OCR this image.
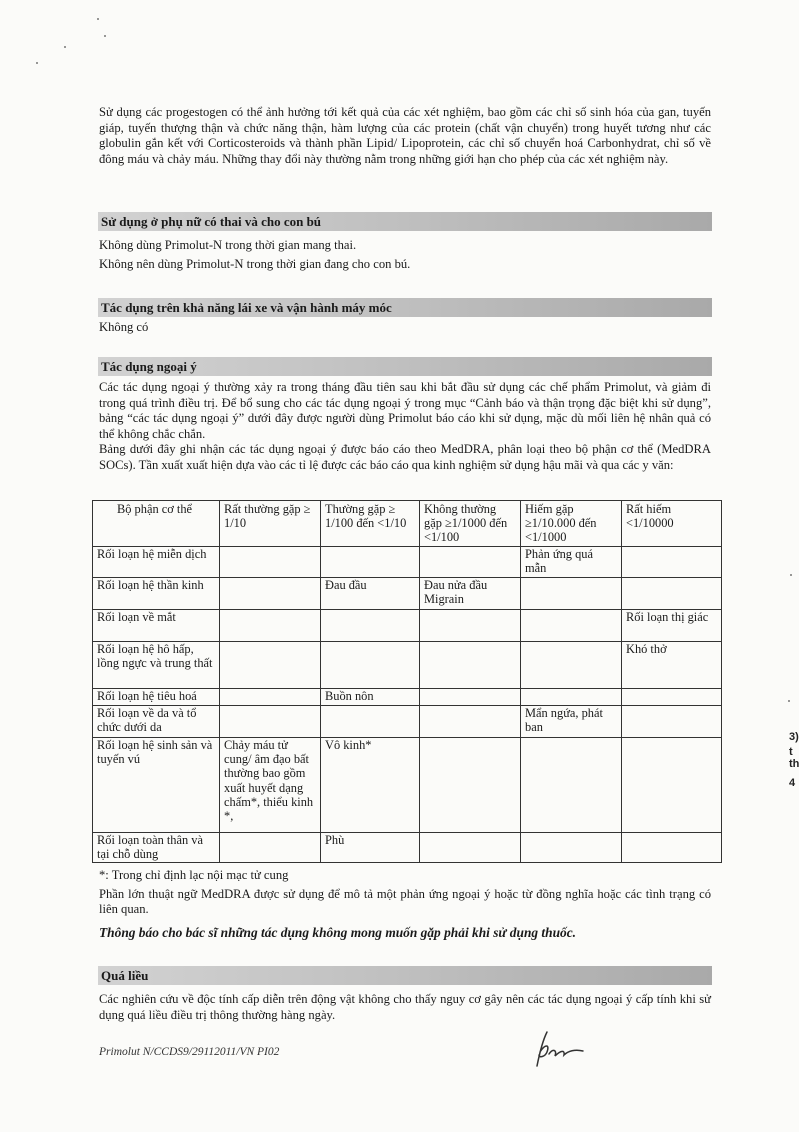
Sử dụng các progestogen có thể ảnh hưởng tới kết quả của các xét nghiệm, bao gồm các chỉ số sinh hóa của gan, tuyến giáp, tuyến thượng thận và chức năng thận, hàm lượng của các protein (chất vận chuyển) trong huyết tương như các globulin gắn kết với Corticosteroids và thành phần Lipid/ Lipoprotein, các chỉ số chuyển hoá Carbonhydrat, chỉ số về đông máu và chảy máu. Những thay đổi này thường nằm trong những giới hạn cho phép của các xét nghiệm này.

Sử dụng ở phụ nữ có thai và cho con bú

Không dùng Primolut-N trong thời gian mang thai.

Không nên dùng Primolut-N trong thời gian đang cho con bú.

Tác dụng trên khả năng lái xe và vận hành máy móc

Không có

Tác dụng ngoại ý

Các tác dụng ngoại ý thường xảy ra trong tháng đầu tiên sau khi bắt đầu sử dụng các chế phẩm Primolut, và giảm đi trong quá trình điều trị. Để bổ sung cho các tác dụng ngoại ý trong mục “Cảnh báo và thận trọng đặc biệt khi sử dụng”, bảng “các tác dụng ngoại ý” dưới đây được người dùng Primolut báo cáo khi sử dụng, mặc dù mối liên hệ nhân quả có thể không chắc chắn.

Bảng dưới đây ghi nhận các tác dụng ngoại ý được báo cáo theo MedDRA, phân loại theo bộ phận cơ thể (MedDRA SOCs). Tần xuất xuất hiện dựa vào các tỉ lệ được các báo cáo qua kinh nghiệm sử dụng hậu mãi và qua các y văn:

Bộ phận cơ thể	Rất thường gặp ≥ 1/10	Thường gặp ≥ 1/100 đến <1/10	Không thường gặp ≥1/1000 đến <1/100	Hiếm gặp ≥1/10.000 đến <1/1000	Rất hiếm <1/10000
Rối loạn hệ miễn dịch				Phản ứng quá mẫn	
Rối loạn hệ thần kinh		Đau đầu	Đau nửa đầu Migrain		
Rối loạn về mắt					Rối loạn thị giác
Rối loạn hệ hô hấp, lồng ngực và trung thất					Khó thở
Rối loạn hệ tiêu hoá		Buồn nôn			
Rối loạn về da và tổ chức dưới da				Mẩn ngứa, phát ban	
Rối loạn hệ sinh sản và tuyến vú	Chảy máu tử cung/ âm đạo bất thường bao gồm xuất huyết dạng chấm*, thiểu kinh *,	Vô kinh*			
Rối loạn toàn thân và tại chỗ dùng		Phù			

*: Trong chỉ định lạc nội mạc tử cung

Phần lớn thuật ngữ MedDRA được sử dụng để mô tả một phản ứng ngoại ý hoặc từ đồng nghĩa hoặc các tình trạng có liên quan.

Thông báo cho bác sĩ những tác dụng không mong muốn gặp phải khi sử dụng thuốc.
Quá liều

Các nghiên cứu về độc tính cấp diễn trên động vật không cho thấy nguy cơ gây nên các tác dụng ngoại ý cấp tính khi sử dụng quá liều điều trị thông thường hàng ngày.

Primolut N/CCDS9/29112011/VN PI02
3)
t
th
4
